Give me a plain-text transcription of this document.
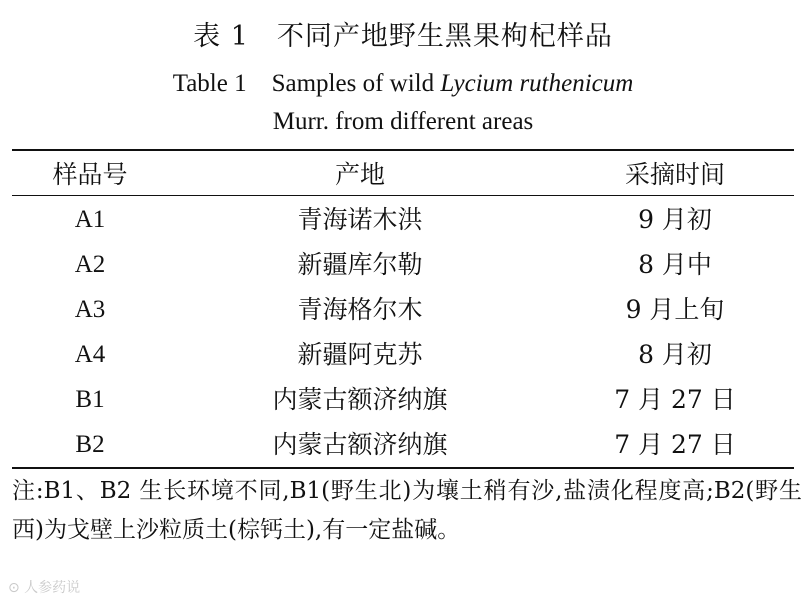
表 1　不同产地野生黑果枸杞样品
Table 1　Samples of wild Lycium ruthenicum
Murr. from different areas
样品号	产地	采摘时间
A1	青海诺木洪	9 月初
A2	新疆库尔勒	8 月中
A3	青海格尔木	9 月上旬
A4	新疆阿克苏	8 月初
B1	内蒙古额济纳旗	7 月 27 日
B2	内蒙古额济纳旗	7 月 27 日
注:B1、B2 生长环境不同,B1(野生北)为壤土稍有沙,盐渍化程度高;B2(野生西)为戈壁上沙粒质土(棕钙土),有一定盐碱。
⊙ 人参药说
